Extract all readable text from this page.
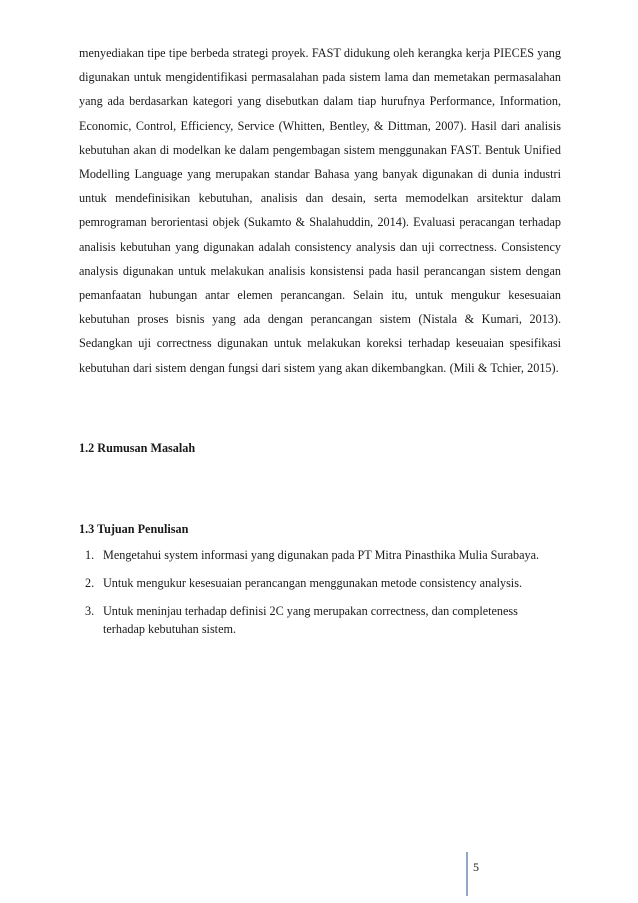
menyediakan tipe tipe berbeda strategi proyek. FAST didukung oleh kerangka kerja PIECES yang digunakan untuk mengidentifikasi permasalahan pada sistem lama dan memetakan permasalahan yang ada berdasarkan kategori yang disebutkan dalam tiap hurufnya Performance, Information, Economic, Control, Efficiency, Service (Whitten, Bentley, & Dittman, 2007). Hasil dari analisis kebutuhan akan di modelkan ke dalam pengembagan sistem menggunakan FAST. Bentuk Unified Modelling Language yang merupakan standar Bahasa yang banyak digunakan di dunia industri untuk mendefinisikan kebutuhan, analisis dan desain, serta memodelkan arsitektur dalam pemrograman berorientasi objek (Sukamto & Shalahuddin, 2014). Evaluasi peracangan terhadap analisis kebutuhan yang digunakan adalah consistency analysis dan uji correctness. Consistency analysis digunakan untuk melakukan analisis konsistensi pada hasil perancangan sistem dengan pemanfaatan hubungan antar elemen perancangan. Selain itu, untuk mengukur kesesuaian kebutuhan proses bisnis yang ada dengan perancangan sistem (Nistala & Kumari, 2013). Sedangkan uji correctness digunakan untuk melakukan koreksi terhadap keseuaian spesifikasi kebutuhan dari sistem dengan fungsi dari sistem yang akan dikembangkan. (Mili & Tchier, 2015).

1.2 Rumusan Masalah
1.3 Tujuan Penulisan
1. Mengetahui system informasi yang digunakan pada PT Mitra Pinasthika Mulia Surabaya.
2. Untuk mengukur kesesuaian perancangan menggunakan metode consistency analysis.
3. Untuk meninjau terhadap definisi 2C yang merupakan correctness, dan completeness terhadap kebutuhan sistem.
5
